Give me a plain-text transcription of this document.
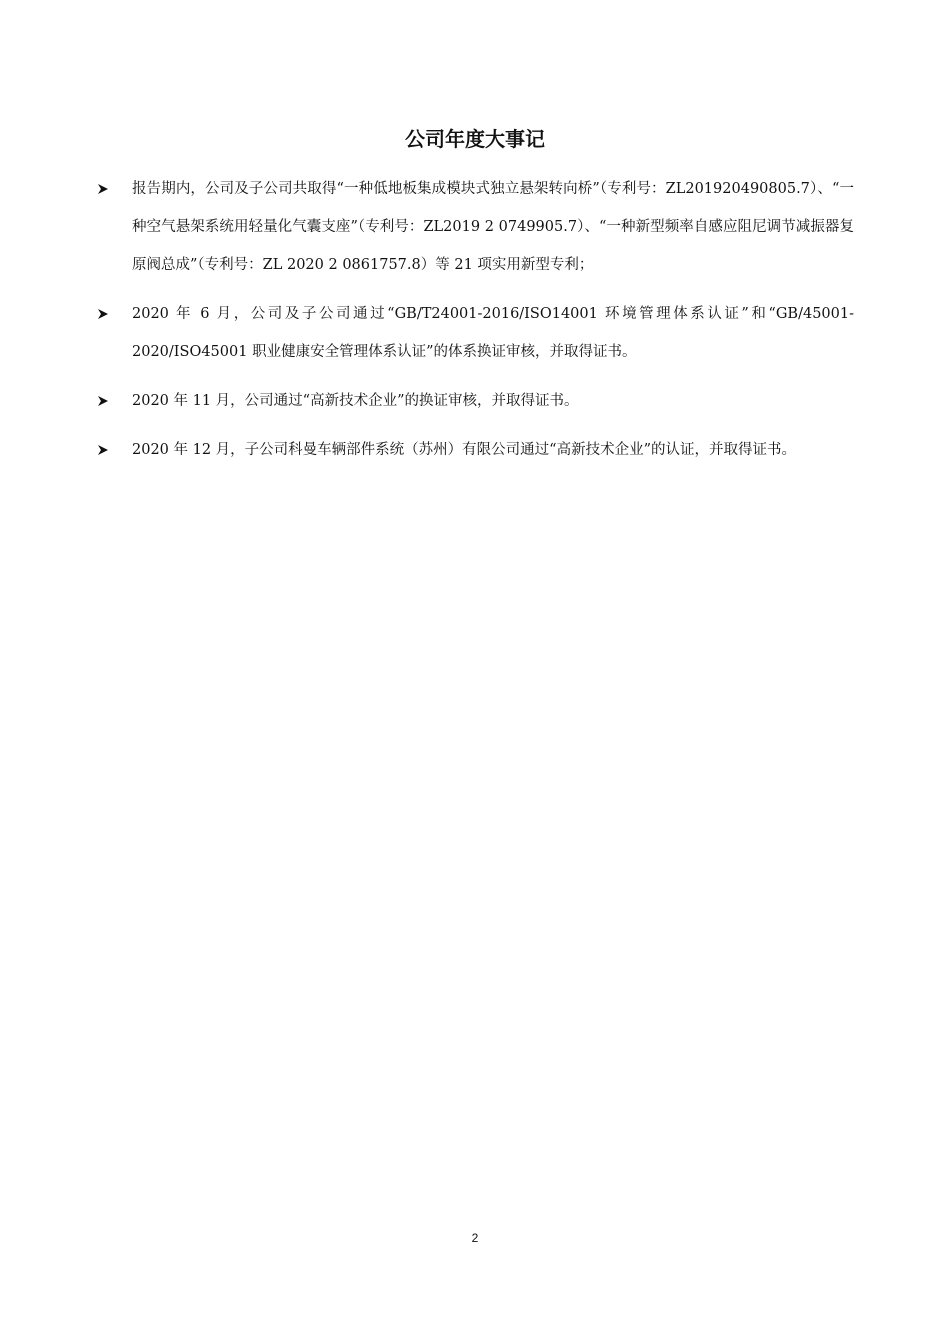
公司年度大事记
报告期内，公司及子公司共取得“一种低地板集成模块式独立悬架转向桥”（专利号：ZL201920490805.7）、“一种空气悬架系统用轻量化气囊支座”（专利号：ZL2019 2 0749905.7）、“一种新型频率自感应阻尼调节减振器复原阀总成”（专利号：ZL 2020 2 0861757.8）等 21 项实用新型专利；
2020 年 6 月，公司及子公司通过“GB/T24001-2016/ISO14001 环境管理体系认证”和“GB/45001-2020/ISO45001 职业健康安全管理体系认证”的体系换证审核，并取得证书。
2020 年 11 月，公司通过“高新技术企业”的换证审核，并取得证书。
2020 年 12 月，子公司科曼车辆部件系统（苏州）有限公司通过“高新技术企业”的认证，并取得证书。
2
